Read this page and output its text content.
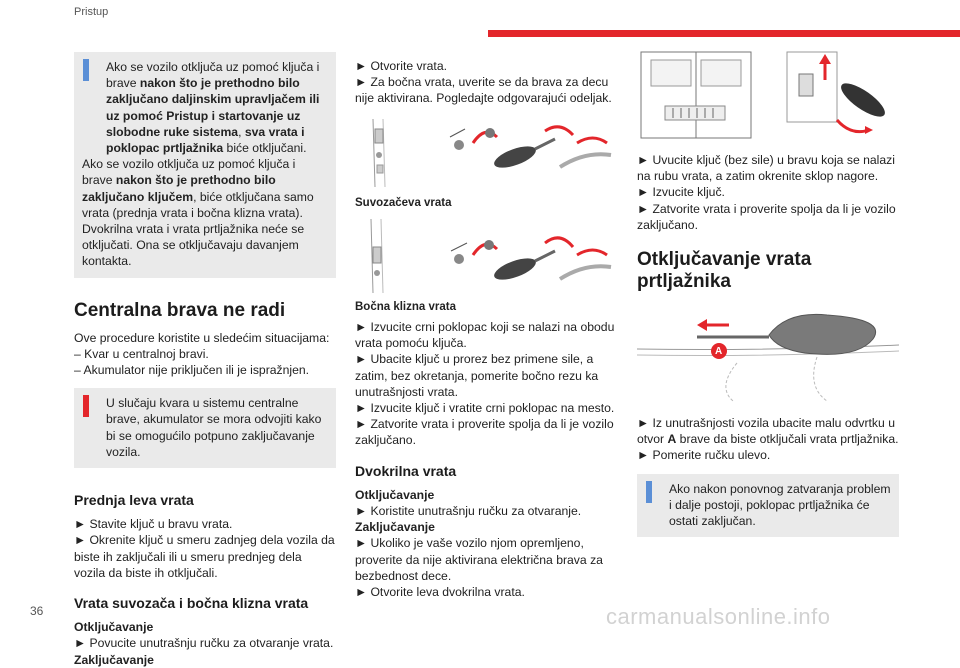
Pristup

Ako se vozilo otključa uz pomoć ključa i brave nakon što je prethodno bilo zaključano daljinskim upravljačem ili uz pomoć Pristup i startovanje uz slobodne ruke sistema, sva vrata i poklopac prtljažnika biće otključani.

Ako se vozilo otključa uz pomoć ključa i brave nakon što je prethodno bilo zaključano ključem, biće otključana samo vrata (prednja vrata i bočna klizna vrata). Dvokrilna vrata i vrata prtljažnika neće se otključati. Ona se otključavaju davanjem kontakta.

Centralna brava ne radi

Ove procedure koristite u sledećim situacijama:

– Kvar u centralnoj bravi.

– Akumulator nije priključen ili je ispražnjen.

U slučaju kvara u sistemu centralne brave, akumulator se mora odvojiti kako bi se omogućilo potpuno zaključavanje vozila.

Prednja leva vrata

► Stavite ključ u bravu vrata.

► Okrenite ključ u smeru zadnjeg dela vozila da biste ih zaključali ili u smeru prednjeg dela vozila da biste ih otključali.

Vrata suvozača i bočna klizna vrata

Otključavanje

► Povucite unutrašnju ručku za otvaranje vrata.

Zaključavanje

► Otvorite vrata.

► Za bočna vrata, uverite se da brava za decu nije aktivirana. Pogledajte odgovarajući odeljak.

Suvozačeva vrata
Bočna klizna vrata

► Izvucite crni poklopac koji se nalazi na obodu vrata pomoću ključa.

► Ubacite ključ u prorez bez primene sile, a zatim, bez okretanja, pomerite bočno rezu ka unutrašnjosti vrata.

► Izvucite ključ i vratite crni poklopac na mesto.

► Zatvorite vrata i proverite spolja da li je vozilo zaključano.

Dvokrilna vrata

Otključavanje

► Koristite unutrašnju ručku za otvaranje.

Zaključavanje

► Ukoliko je vaše vozilo njom opremljeno, proverite da nije aktivirana električna brava za bezbednost dece.

► Otvorite leva dvokrilna vrata.

► Uvucite ključ (bez sile) u bravu koja se nalazi na rubu vrata, a zatim okrenite sklop nagore.

► Izvucite ključ.

► Zatvorite vrata i proverite spolja da li je vozilo zaključano.

Otključavanje vrata prtljažnika
A

► Iz unutrašnjosti vozila ubacite malu odvrtku u otvor A brave da biste otključali vrata prtljažnika.

► Pomerite ručku ulevo.

Ako nakon ponovnog zatvaranja problem i dalje postoji, poklopac prtljažnika će ostati zaključan.

36	carmanualsonline.info
